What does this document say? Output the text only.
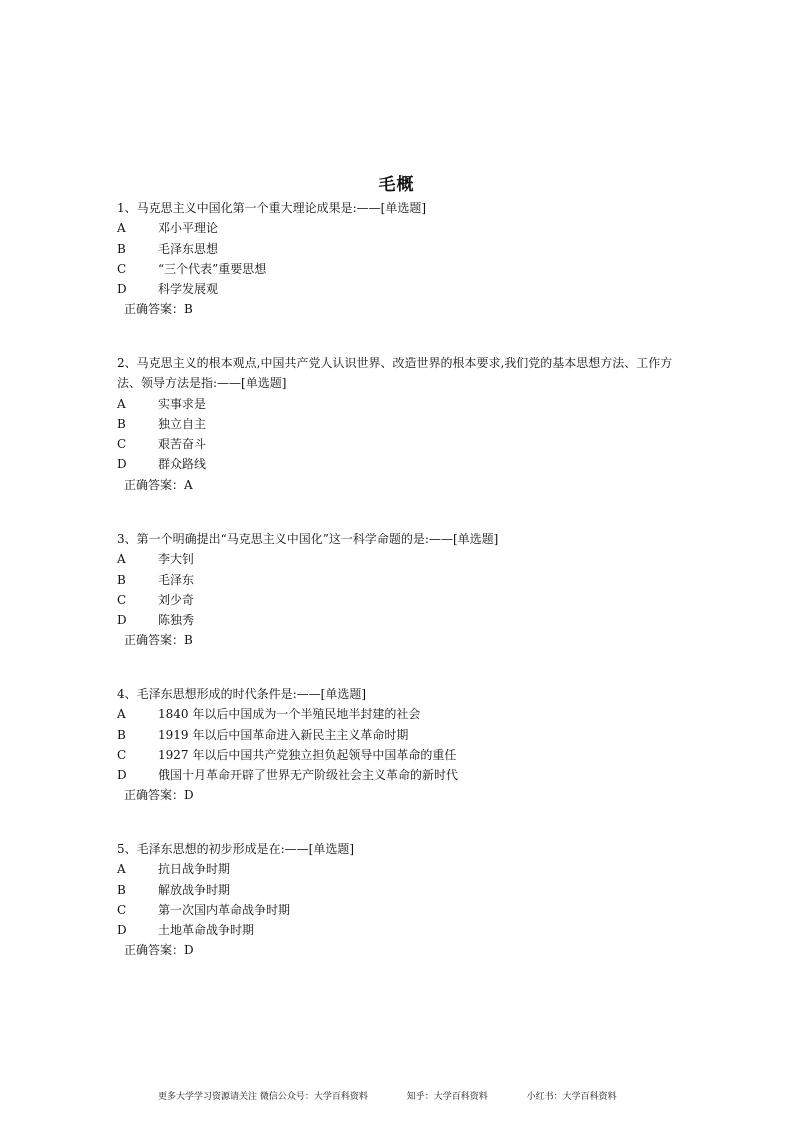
毛概

1、马克思主义中国化第一个重大理论成果是:——[单选题]

A	邓小平理论

B	毛泽东思想

C	“三个代表”重要思想

D	科学发展观

正确答案：B

2、马克思主义的根本观点,中国共产党人认识世界、改造世界的根本要求,我们党的基本思想方法、工作方法、领导方法是指:——[单选题]

A	实事求是

B	独立自主

C	艰苦奋斗

D	群众路线

正确答案：A

3、第一个明确提出“马克思主义中国化”这一科学命题的是:——[单选题]

A	李大钊

B	毛泽东

C	刘少奇

D	陈独秀

正确答案：B

4、毛泽东思想形成的时代条件是:——[单选题]

A	1840 年以后中国成为一个半殖民地半封建的社会

B	1919 年以后中国革命进入新民主主义革命时期

C	1927 年以后中国共产党独立担负起领导中国革命的重任

D	俄国十月革命开辟了世界无产阶级社会主义革命的新时代

正确答案：D

5、毛泽东思想的初步形成是在:——[单选题]

A	抗日战争时期

B	解放战争时期

C	第一次国内革命战争时期

D	土地革命战争时期

正确答案：D

更多大学学习资源请关注 微信公众号：大学百科资料	知乎：大学百科资料	小红书：大学百科资料
